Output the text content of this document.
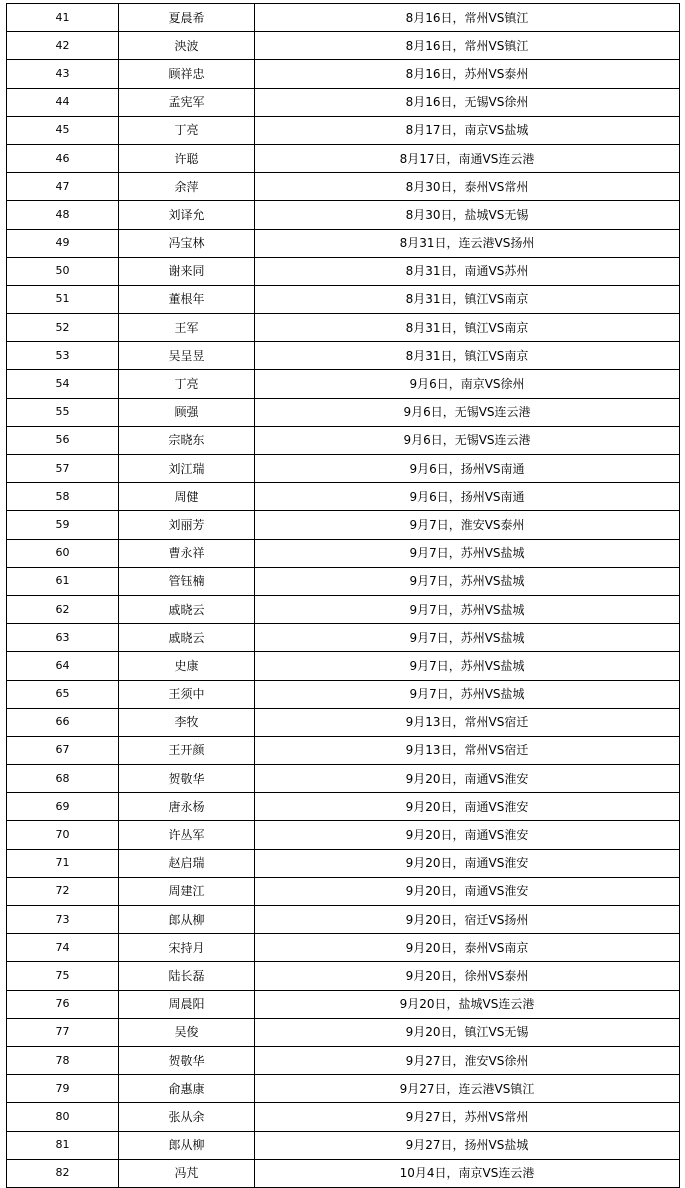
41	夏晨希	8月16日，常州VS镇江
42	泱波	8月16日，常州VS镇江
43	顾祥忠	8月16日，苏州VS泰州
44	孟宪军	8月16日，无锡VS徐州
45	丁亮	8月17日，南京VS盐城
46	许聪	8月17日，南通VS连云港
47	余萍	8月30日，泰州VS常州
48	刘译允	8月30日，盐城VS无锡
49	冯宝林	8月31日，连云港VS扬州
50	谢来同	8月31日，南通VS苏州
51	董根年	8月31日，镇江VS南京
52	王军	8月31日，镇江VS南京
53	吴呈昱	8月31日，镇江VS南京
54	丁亮	9月6日，南京VS徐州
55	顾强	9月6日，无锡VS连云港
56	宗晓东	9月6日，无锡VS连云港
57	刘江瑞	9月6日，扬州VS南通
58	周健	9月6日，扬州VS南通
59	刘丽芳	9月7日，淮安VS泰州
60	曹永祥	9月7日，苏州VS盐城
61	管钰楠	9月7日，苏州VS盐城
62	戚晓云	9月7日，苏州VS盐城
63	戚晓云	9月7日，苏州VS盐城
64	史康	9月7日，苏州VS盐城
65	王须中	9月7日，苏州VS盐城
66	李牧	9月13日，常州VS宿迁
67	王开颜	9月13日，常州VS宿迁
68	贺敬华	9月20日，南通VS淮安
69	唐永杨	9月20日，南通VS淮安
70	许丛军	9月20日，南通VS淮安
71	赵启瑞	9月20日，南通VS淮安
72	周建江	9月20日，南通VS淮安
73	郎从柳	9月20日，宿迁VS扬州
74	宋持月	9月20日，泰州VS南京
75	陆长磊	9月20日，徐州VS泰州
76	周晨阳	9月20日，盐城VS连云港
77	吴俊	9月20日，镇江VS无锡
78	贺敬华	9月27日，淮安VS徐州
79	俞惠康	9月27日，连云港VS镇江
80	张从余	9月27日，苏州VS常州
81	郎从柳	9月27日，扬州VS盐城
82	冯芃	10月4日，南京VS连云港
